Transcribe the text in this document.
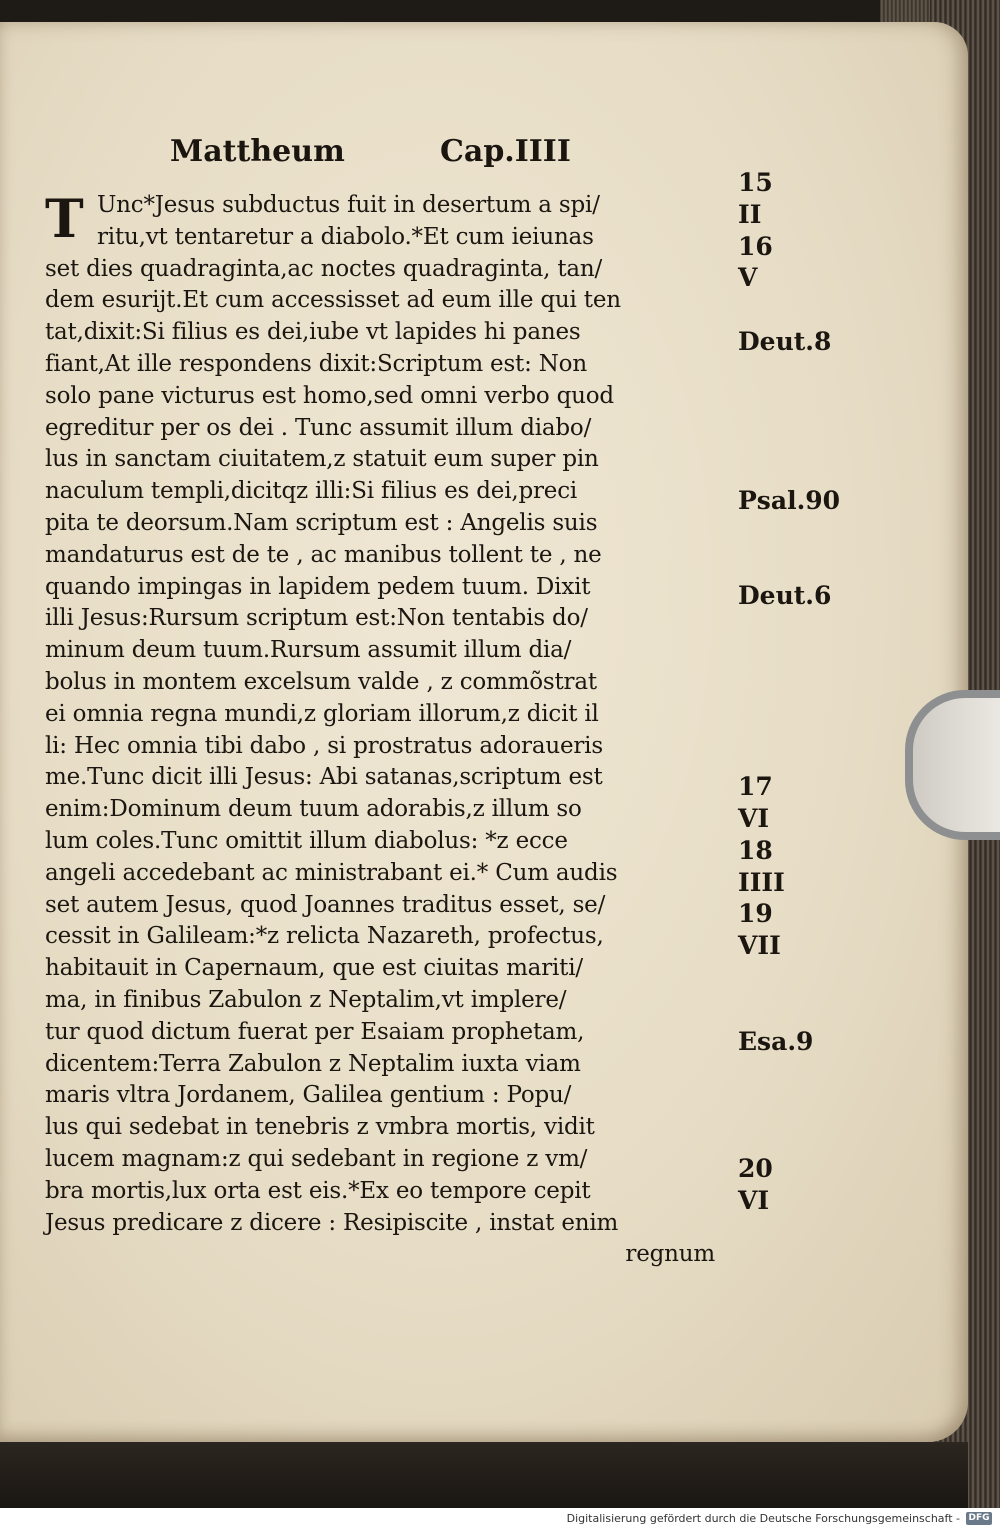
Mattheum	Cap.IIII
T Unc*Jesus subductus fuit in desertum a spi/
ritu,vt tentaretur a diabolo.*Et cum ieiunas
set dies quadraginta,ac noctes quadraginta, tan/
dem esurijt.Et cum accessisset ad eum ille qui ten
tat,dixit:Si filius es dei,iube vt lapides hi panes
fiant,At ille respondens dixit:Scriptum est: Non
solo pane victurus est homo,sed omni verbo quod
egreditur per os dei . Tunc assumit illum diabo/
lus in sanctam ciuitatem,z statuit eum super pin
naculum templi,dicitqz illi:Si filius es dei,preci
pita te deorsum.Nam scriptum est : Angelis suis
mandaturus est de te , ac manibus tollent te , ne
quando impingas in lapidem pedem tuum. Dixit
illi Jesus:Rursum scriptum est:Non tentabis do/
minum deum tuum.Rursum assumit illum dia/
bolus in montem excelsum valde , z commõstrat
ei omnia regna mundi,z gloriam illorum,z dicit il
li: Hec omnia tibi dabo , si prostratus adoraueris
me.Tunc dicit illi Jesus: Abi satanas,scriptum est
enim:Dominum deum tuum adorabis,z illum so
lum coles.Tunc omittit illum diabolus: *z ecce
angeli accedebant ac ministrabant ei.* Cum audis
set autem Jesus, quod Joannes traditus esset, se/
cessit in Galileam:*z relicta Nazareth, profectus,
habitauit in Capernaum, que est ciuitas mariti/
ma, in finibus Zabulon z Neptalim,vt implere/
tur quod dictum fuerat per Esaiam prophetam,
dicentem:Terra Zabulon z Neptalim iuxta viam
maris vltra Jordanem, Galilea gentium : Popu/
lus qui sedebat in tenebris z vmbra mortis, vidit
lucem magnam:z qui sedebant in regione z vm/
bra mortis,lux orta est eis.*Ex eo tempore cepit
Jesus predicare z dicere : Resipiscite , instat enim
regnum
15
II
16
V
Deut.8
Psal.90
Deut.6
17
VI
18
IIII
19
VII
Esa.9
20
VI
Digitalisierung gefördert durch die Deutsche Forschungsgemeinschaft - DFG
